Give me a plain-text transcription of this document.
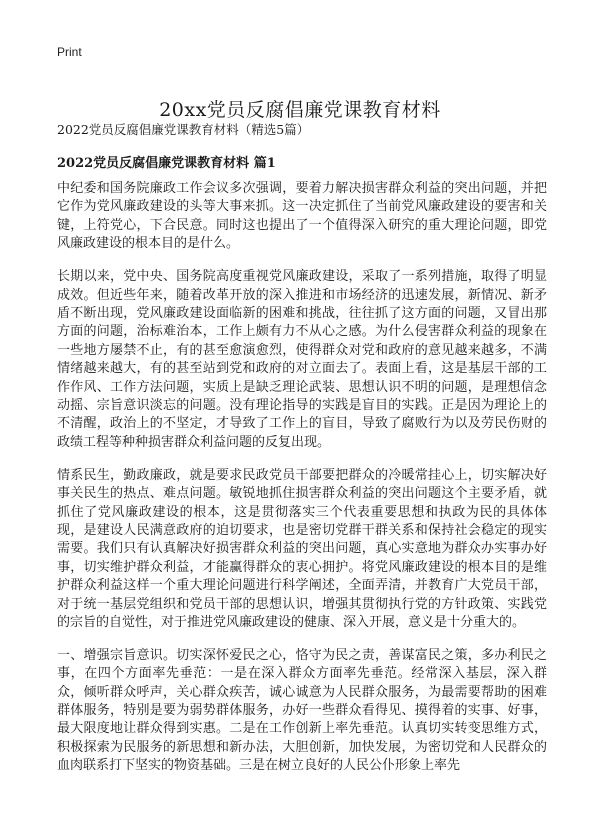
Print
20xx党员反腐倡廉党课教育材料
2022党员反腐倡廉党课教育材料（精选5篇）
2022党员反腐倡廉党课教育材料 篇1

中纪委和国务院廉政工作会议多次强调，要着力解决损害群众利益的突出问题，并把它作为党风廉政建设的头等大事来抓。这一决定抓住了当前党风廉政建设的要害和关键，上符党心，下合民意。同时这也提出了一个值得深入研究的重大理论问题，即党风廉政建设的根本目的是什么。

长期以来，党中央、国务院高度重视党风廉政建设，采取了一系列措施，取得了明显成效。但近些年来，随着改革开放的深入推进和市场经济的迅速发展，新情况、新矛盾不断出现，党风廉政建设面临新的困难和挑战，往往抓了这方面的问题，又冒出那方面的问题，治标难治本，工作上颇有力不从心之感。为什么侵害群众利益的现象在一些地方屡禁不止，有的甚至愈演愈烈，使得群众对党和政府的意见越来越多，不满情绪越来越大，有的甚至站到党和政府的对立面去了。表面上看，这是基层干部的工作作风、工作方法问题，实质上是缺乏理论武装、思想认识不明的问题，是理想信念动摇、宗旨意识淡忘的问题。没有理论指导的实践是盲目的实践。正是因为理论上的不清醒，政治上的不坚定，才导致了工作上的盲目，导致了腐败行为以及劳民伤财的政绩工程等种种损害群众利益问题的反复出现。

情系民生，勤政廉政，就是要求民政党员干部要把群众的冷暖常挂心上，切实解决好事关民生的热点、难点问题。敏锐地抓住损害群众利益的突出问题这个主要矛盾，就抓住了党风廉政建设的根本，这是贯彻落实三个代表重要思想和执政为民的具体体现，是建设人民满意政府的迫切要求，也是密切党群干群关系和保持社会稳定的现实需要。我们只有认真解决好损害群众利益的突出问题，真心实意地为群众办实事办好事，切实维护群众利益，才能赢得群众的衷心拥护。将党风廉政建设的根本目的是维护群众利益这样一个重大理论问题进行科学阐述，全面弄清，并教育广大党员干部，对于统一基层党组织和党员干部的思想认识，增强其贯彻执行党的方针政策、实践党的宗旨的自觉性，对于推进党风廉政建设的健康、深入开展，意义是十分重大的。

一、增强宗旨意识。切实深怀爱民之心，恪守为民之责，善谋富民之策，多办利民之事，在四个方面率先垂范：一是在深入群众方面率先垂范。经常深入基层，深入群众，倾听群众呼声，关心群众疾苦，诚心诚意为人民群众服务，为最需要帮助的困难群体服务，特别是要为弱势群体服务，办好一些群众看得见、摸得着的实事、好事，最大限度地让群众得到实惠。二是在工作创新上率先垂范。认真切实转变思维方式，积极探索为民服务的新思想和新办法，大胆创新，加快发展，为密切党和人民群众的血肉联系打下坚实的物资基础。三是在树立良好的人民公仆形象上率先
